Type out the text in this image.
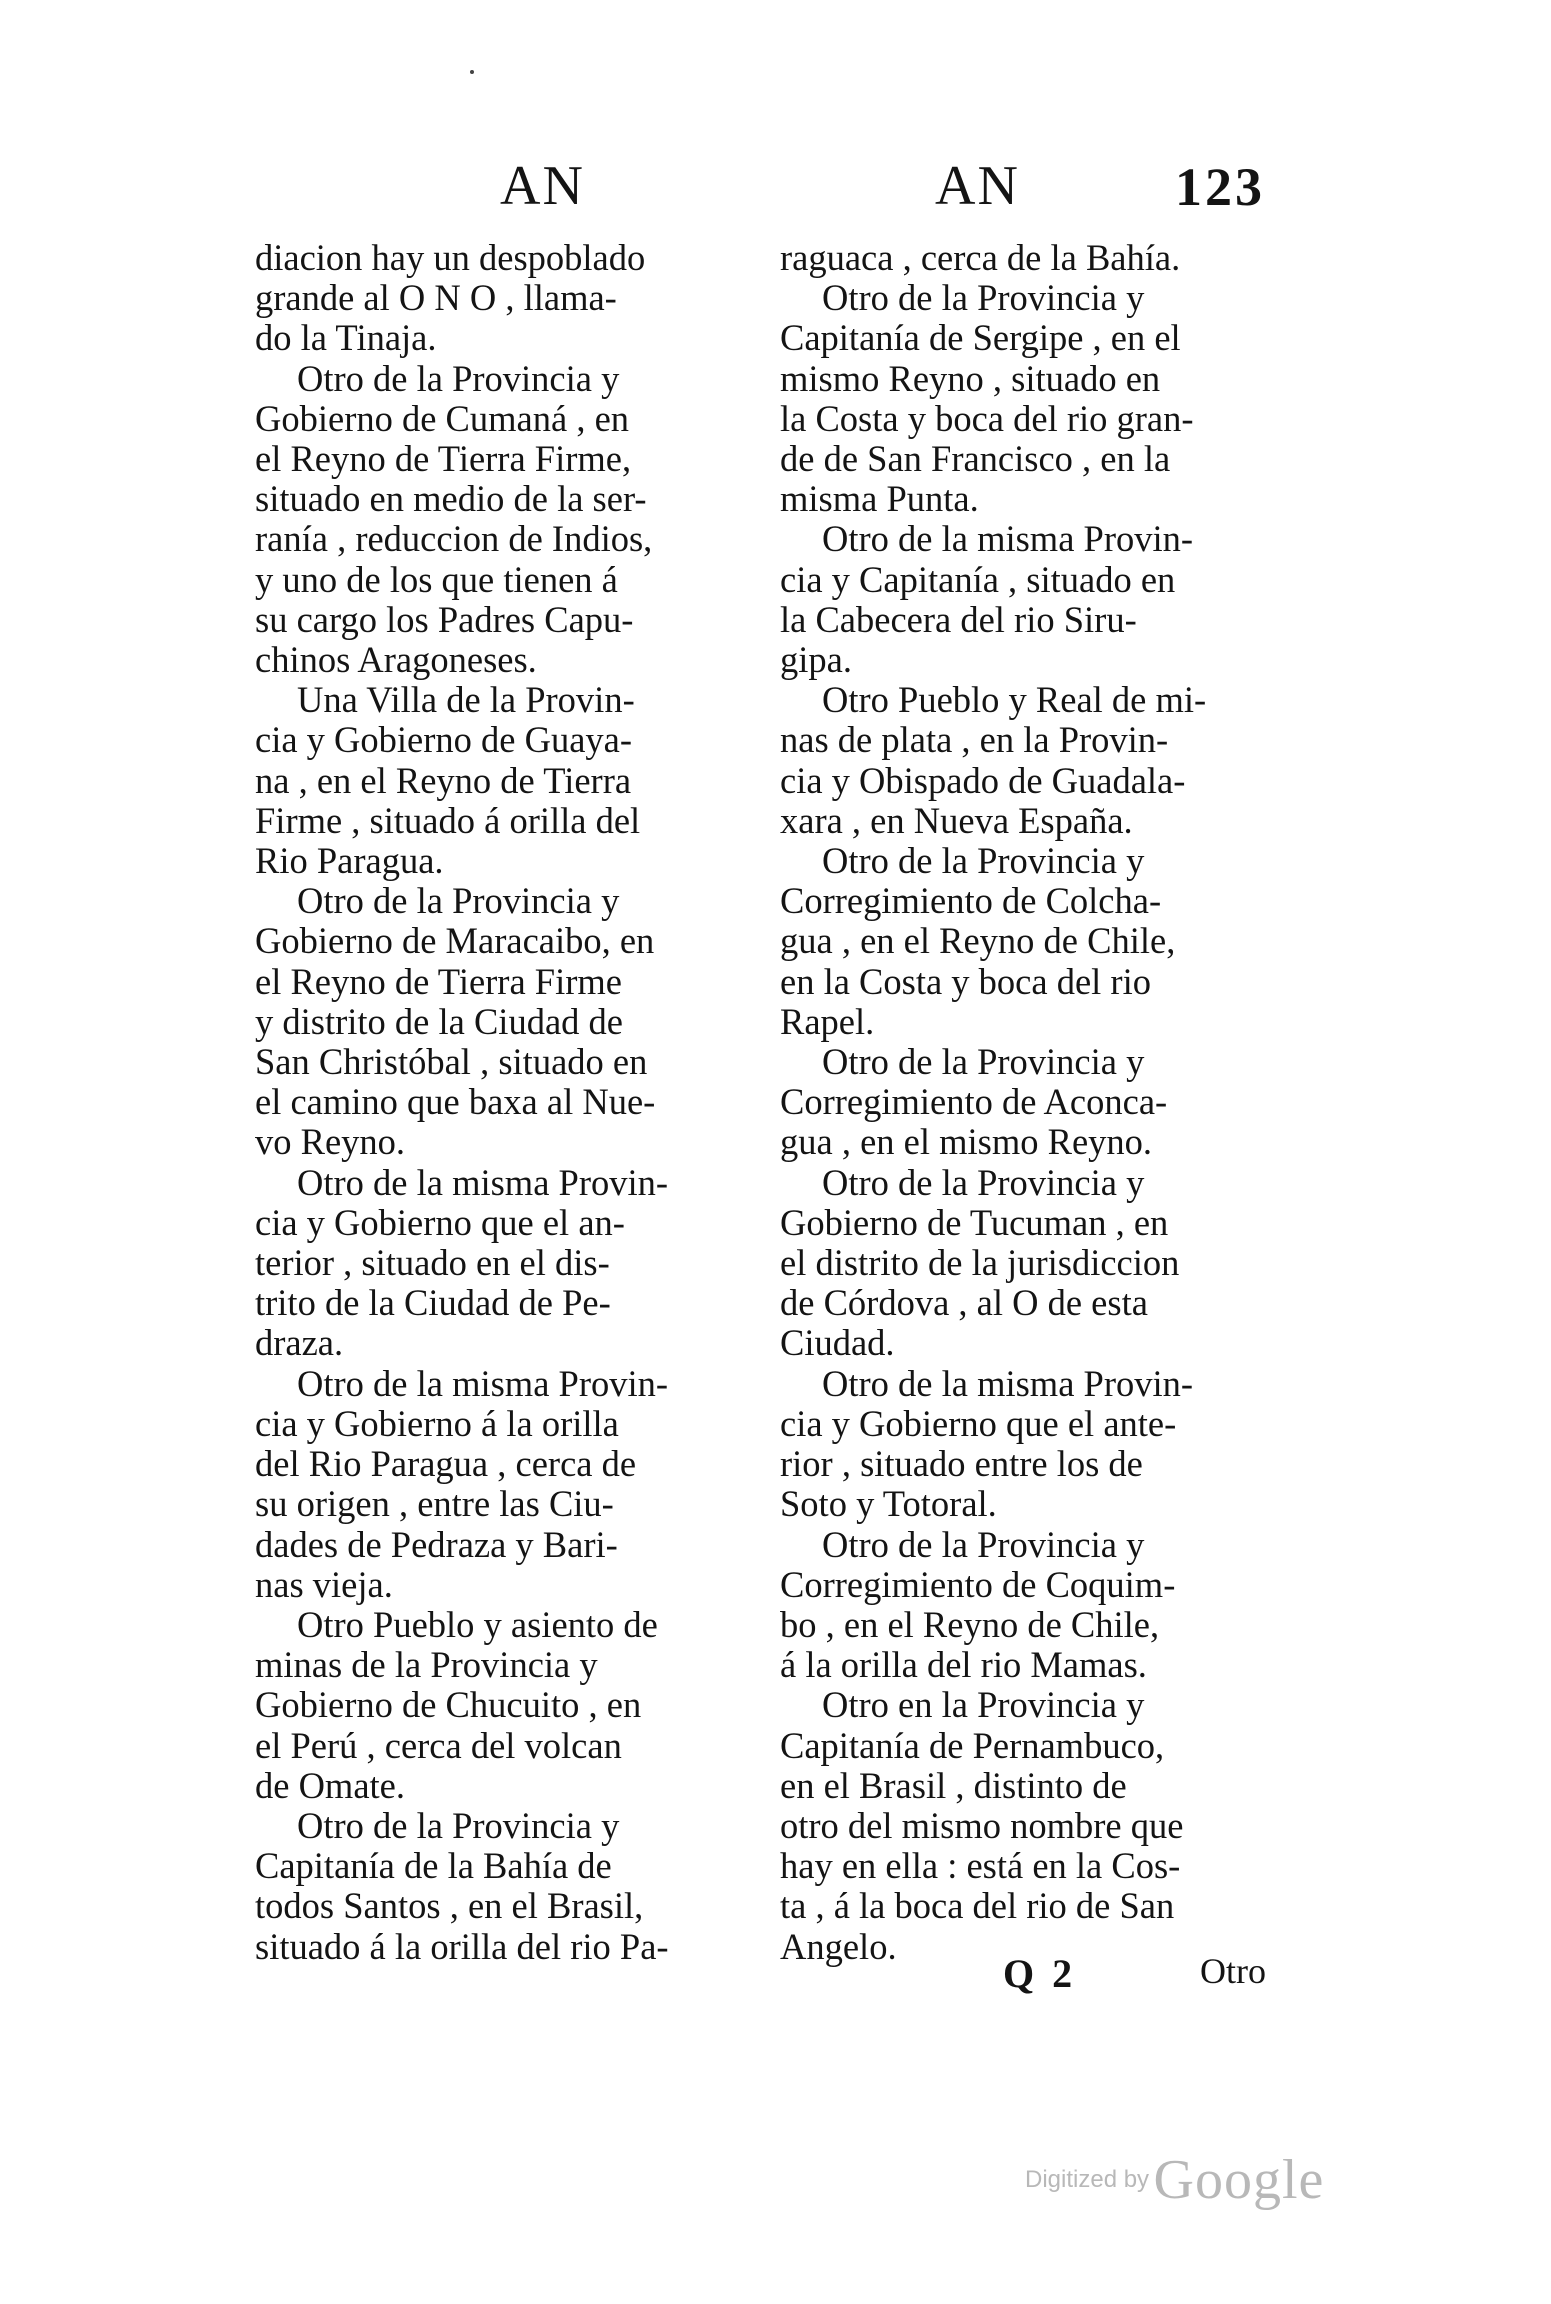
AN	AN	123
diacion hay un despoblado
grande al O N O , llama-
do la Tinaja.
Otro de la Provincia y
Gobierno de Cumaná , en
el Reyno de Tierra Firme,
situado en medio de la ser-
ranía , reduccion de Indios,
y uno de los que tienen á
su cargo los Padres Capu-
chinos Aragoneses.
Una Villa de la Provin-
cia y Gobierno de Guaya-
na , en el Reyno de Tierra
Firme , situado á orilla del
Rio Paragua.
Otro de la Provincia y
Gobierno de Maracaibo, en
el Reyno de Tierra Firme
y distrito de la Ciudad de
San Christóbal , situado en
el camino que baxa al Nue-
vo Reyno.
Otro de la misma Provin-
cia y Gobierno que el an-
terior , situado en el dis-
trito de la Ciudad de Pe-
draza.
Otro de la misma Provin-
cia y Gobierno á la orilla
del Rio Paragua , cerca de
su origen , entre las Ciu-
dades de Pedraza y Bari-
nas vieja.
Otro Pueblo y asiento de
minas de la Provincia y
Gobierno de Chucuito , en
el Perú , cerca del volcan
de Omate.
Otro de la Provincia y
Capitanía de la Bahía de
todos Santos , en el Brasil,
situado á la orilla del rio Pa-
raguaca , cerca de la Bahía.
Otro de la Provincia y
Capitanía de Sergipe , en el
mismo Reyno , situado en
la Costa y boca del rio gran-
de de San Francisco , en la
misma Punta.
Otro de la misma Provin-
cia y Capitanía , situado en
la Cabecera del rio Siru-
gipa.
Otro Pueblo y Real de mi-
nas de plata , en la Provin-
cia y Obispado de Guadala-
xara , en Nueva España.
Otro de la Provincia y
Corregimiento de Colcha-
gua , en el Reyno de Chile,
en la Costa y boca del rio
Rapel.
Otro de la Provincia y
Corregimiento de Aconca-
gua , en el mismo Reyno.
Otro de la Provincia y
Gobierno de Tucuman , en
el distrito de la jurisdiccion
de Córdova , al O de esta
Ciudad.
Otro de la misma Provin-
cia y Gobierno que el ante-
rior , situado entre los de
Soto y Totoral.
Otro de la Provincia y
Corregimiento de Coquim-
bo , en el Reyno de Chile,
á la orilla del rio Mamas.
Otro en la Provincia y
Capitanía de Pernambuco,
en el Brasil , distinto de
otro del mismo nombre que
hay en ella : está en la Cos-
ta , á la boca del rio de San
Angelo.
Q 2	Otro
Digitized by Google
